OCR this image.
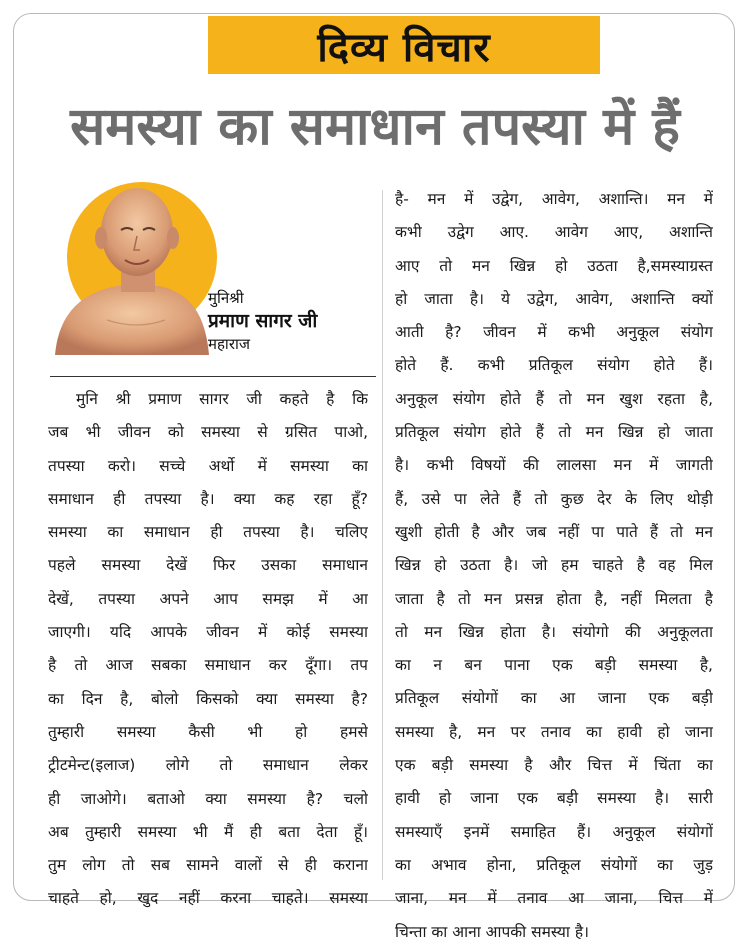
दिव्य विचार
समस्या का समाधान तपस्या में हैं
मुनिश्री
प्रमाण सागर जी
महाराज
मुनि श्री प्रमाण सागर जी कहते है कि
जब भी जीवन को समस्या से ग्रसित पाओ,
तपस्या करो। सच्चे अर्थो में समस्या का
समाधान ही तपस्या है। क्या कह रहा हूँ?
समस्या का समाधान ही तपस्या है। चलिए
पहले समस्या देखें फिर उसका समाधान
देखें, तपस्या अपने आप समझ में आ
जाएगी। यदि आपके जीवन में कोई समस्या
है तो आज सबका समाधान कर दूँगा। तप
का दिन है, बोलो किसको क्या समस्या है?
तुम्हारी समस्या कैसी भी हो हमसे
ट्रीटमेन्ट(इलाज) लोगे तो समाधान लेकर
ही जाओगे। बताओ क्या समस्या है? चलो
अब तुम्हारी समस्या भी मैं ही बता देता हूँ।
तुम लोग तो सब सामने वालों से ही कराना
चाहते हो, खुद नहीं करना चाहते। समस्या
है- मन में उद्वेग, आवेग, अशान्ति। मन में
कभी उद्वेग आए. आवेग आए, अशान्ति
आए तो मन खिन्न हो उठता है,समस्याग्रस्त
हो जाता है। ये उद्वेग, आवेग, अशान्ति क्यों
आती है? जीवन में कभी अनुकूल संयोग
होते हैं. कभी प्रतिकूल संयोग होते हैं।
अनुकूल संयोग होते हैं तो मन खुश रहता है,
प्रतिकूल संयोग होते हैं तो मन खिन्न हो जाता
है। कभी विषयों की लालसा मन में जागती
हैं, उसे पा लेते हैं तो कुछ देर के लिए थोड़ी
खुशी होती है और जब नहीं पा पाते हैं तो मन
खिन्न हो उठता है। जो हम चाहते है वह मिल
जाता है तो मन प्रसन्न होता है, नहीं मिलता है
तो मन खिन्न होता है। संयोगो की अनुकूलता
का न बन पाना एक बड़ी समस्या है,
प्रतिकूल संयोगों का आ जाना एक बड़ी
समस्या है, मन पर तनाव का हावी हो जाना
एक बड़ी समस्या है और चित्त में चिंता का
हावी हो जाना एक बड़ी समस्या है। सारी
समस्याएँ इनमें समाहित हैं। अनुकूल संयोगों
का अभाव होना, प्रतिकूल संयोगों का जुड़
जाना, मन में तनाव आ जाना, चित्त में
चिन्ता का आना आपकी समस्या है।
